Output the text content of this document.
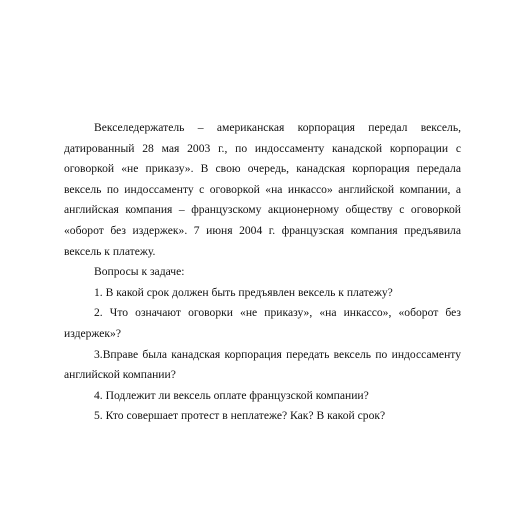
Векселедержатель – американская корпорация передал вексель, датированный 28 мая 2003 г., по индоссаменту канадской корпорации с оговоркой «не приказу». В свою очередь, канадская корпорация передала вексель по индоссаменту с оговоркой «на инкассо» английской компании, а английская компания – французскому акционерному обществу с оговоркой «оборот без издержек». 7 июня 2004 г. французская компания предъявила вексель к платежу.

Вопросы к задаче:

1. В какой срок должен быть предъявлен вексель к платежу?

2. Что означают оговорки «не приказу», «на инкассо», «оборот без издержек»?

3.Вправе была канадская корпорация передать вексель по индоссаменту английской компании?

4. Подлежит ли вексель оплате французской компании?

5. Кто совершает протест в неплатеже? Как? В какой срок?
